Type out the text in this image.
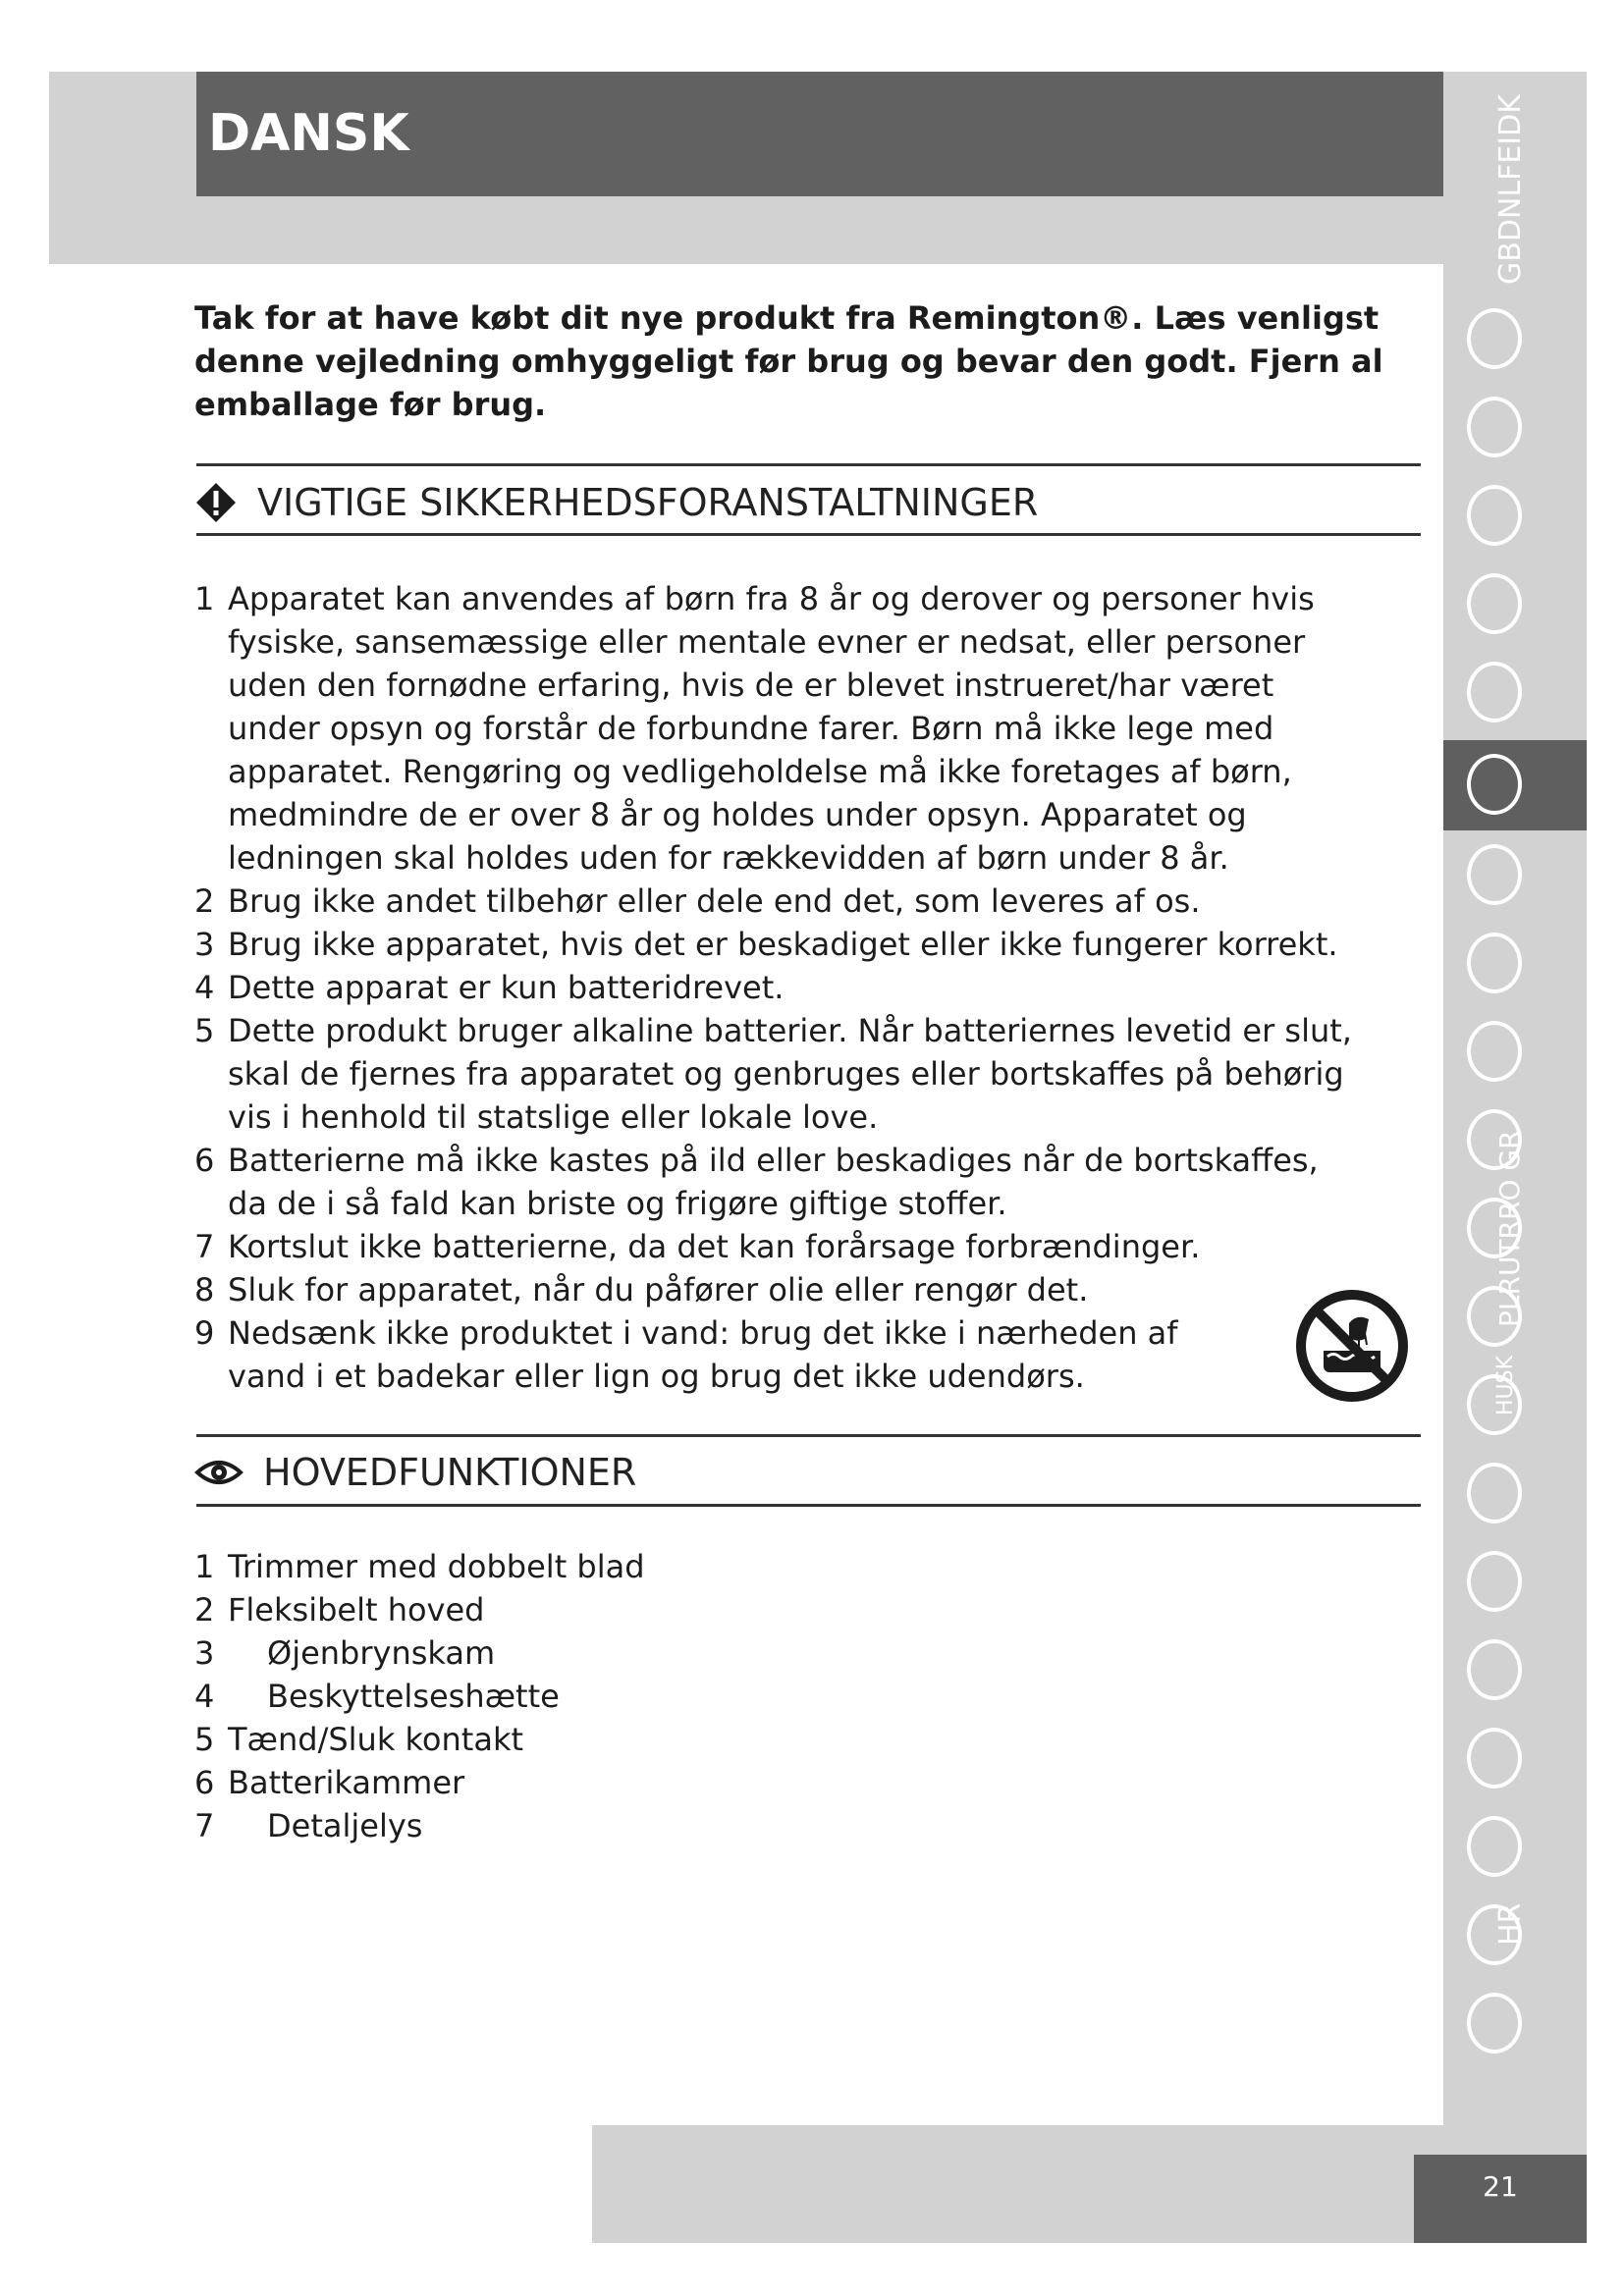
DANSK	GBDNLFEIDK
PLRUTRRO GR
HUSK
HR

Tak for at have købt dit nye produkt fra Remington®. Læs venligst denne vejledning omhyggeligt før brug og bevar den godt. Fjern al emballage før brug.

VIGTIGE SIKKERHEDSFORANSTALTNINGER
1 Apparatet kan anvendes af børn fra 8 år og derover og personer hvis fysiske, sansemæssige eller mentale evner er nedsat, eller personer uden den fornødne erfaring, hvis de er blevet instrueret/har været under opsyn og forstår de forbundne farer. Børn må ikke lege med apparatet. Rengøring og vedligeholdelse må ikke foretages af børn, medmindre de er over 8 år og holdes under opsyn. Apparatet og ledningen skal holdes uden for rækkevidden af børn under 8 år.
2 Brug ikke andet tilbehør eller dele end det, som leveres af os.
3 Brug ikke apparatet, hvis det er beskadiget eller ikke fungerer korrekt.
4 Dette apparat er kun batteridrevet.
5 Dette produkt bruger alkaline batterier. Når batteriernes levetid er slut, skal de fjernes fra apparatet og genbruges eller bortskaffes på behørig vis i henhold til statslige eller lokale love.
6 Batterierne må ikke kastes på ild eller beskadiges når de bortskaffes, da de i så fald kan briste og frigøre giftige stoffer.
7 Kortslut ikke batterierne, da det kan forårsage forbrændinger.
8 Sluk for apparatet, når du påfører olie eller rengør det.
9 Nedsænk ikke produktet i vand: brug det ikke i nærheden af vand i et badekar eller lign og brug det ikke udendørs.
HOVEDFUNKTIONER
1 Trimmer med dobbelt blad
2 Fleksibelt hoved
3	Øjenbrynskam
4	Beskyttelseshætte
5 Tænd/Sluk kontakt
6 Batterikammer
7	Detaljelys
21
